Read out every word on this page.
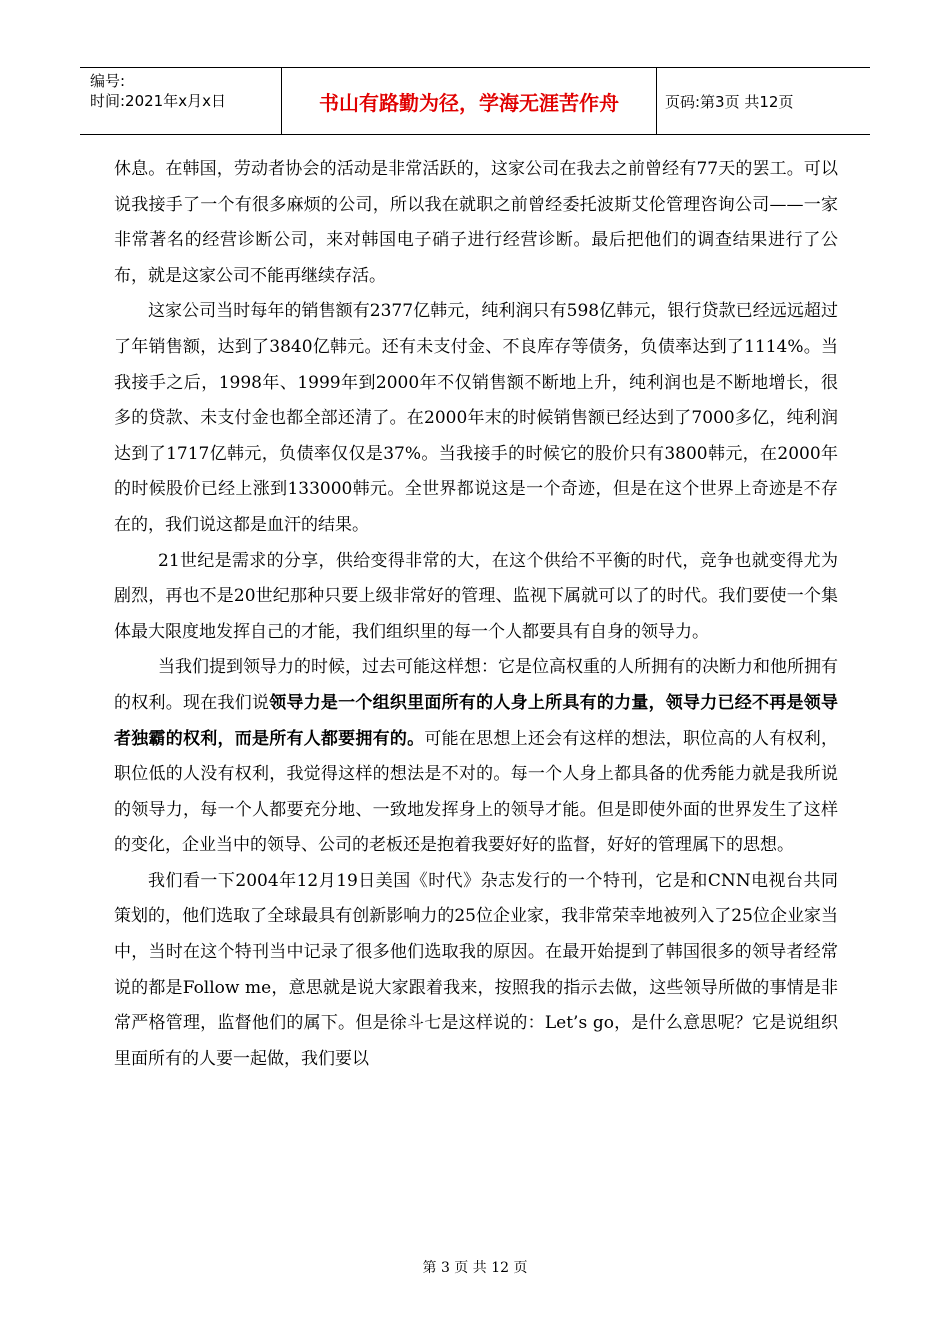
编号:
时间:2021年x月x日	书山有路勤为径，学海无涯苦作舟	页码:第3页 共12页

休息。在韩国，劳动者协会的活动是非常活跃的，这家公司在我去之前曾经有77天的罢工。可以说我接手了一个有很多麻烦的公司，所以我在就职之前曾经委托波斯艾伦管理咨询公司——一家非常著名的经营诊断公司，来对韩国电子硝子进行经营诊断。最后把他们的调查结果进行了公布，就是这家公司不能再继续存活。

这家公司当时每年的销售额有2377亿韩元，纯利润只有598亿韩元，银行贷款已经远远超过了年销售额，达到了3840亿韩元。还有未支付金、不良库存等债务，负债率达到了1114%。当我接手之后，1998年、1999年到2000年不仅销售额不断地上升，纯利润也是不断地增长，很多的贷款、未支付金也都全部还清了。在2000年末的时候销售额已经达到了7000多亿，纯利润达到了1717亿韩元，负债率仅仅是37%。当我接手的时候它的股价只有3800韩元，在2000年的时候股价已经上涨到133000韩元。全世界都说这是一个奇迹，但是在这个世界上奇迹是不存在的，我们说这都是血汗的结果。

21世纪是需求的分享，供给变得非常的大，在这个供给不平衡的时代，竞争也就变得尤为剧烈，再也不是20世纪那种只要上级非常好的管理、监视下属就可以了的时代。我们要使一个集体最大限度地发挥自己的才能，我们组织里的每一个人都要具有自身的领导力。

当我们提到领导力的时候，过去可能这样想：它是位高权重的人所拥有的决断力和他所拥有的权利。现在我们说领导力是一个组织里面所有的人身上所具有的力量，领导力已经不再是领导者独霸的权利，而是所有人都要拥有的。可能在思想上还会有这样的想法，职位高的人有权利，职位低的人没有权利，我觉得这样的想法是不对的。每一个人身上都具备的优秀能力就是我所说的领导力，每一个人都要充分地、一致地发挥身上的领导才能。但是即使外面的世界发生了这样的变化，企业当中的领导、公司的老板还是抱着我要好好的监督，好好的管理属下的思想。

我们看一下2004年12月19日美国《时代》杂志发行的一个特刊，它是和CNN电视台共同策划的，他们选取了全球最具有创新影响力的25位企业家，我非常荣幸地被列入了25位企业家当中，当时在这个特刊当中记录了很多他们选取我的原因。在最开始提到了韩国很多的领导者经常说的都是Follow me，意思就是说大家跟着我来，按照我的指示去做，这些领导所做的事情是非常严格管理，监督他们的属下。但是徐斗七是这样说的：Let’s go，是什么意思呢？它是说组织里面所有的人要一起做，我们要以

第 3 页 共 12 页
